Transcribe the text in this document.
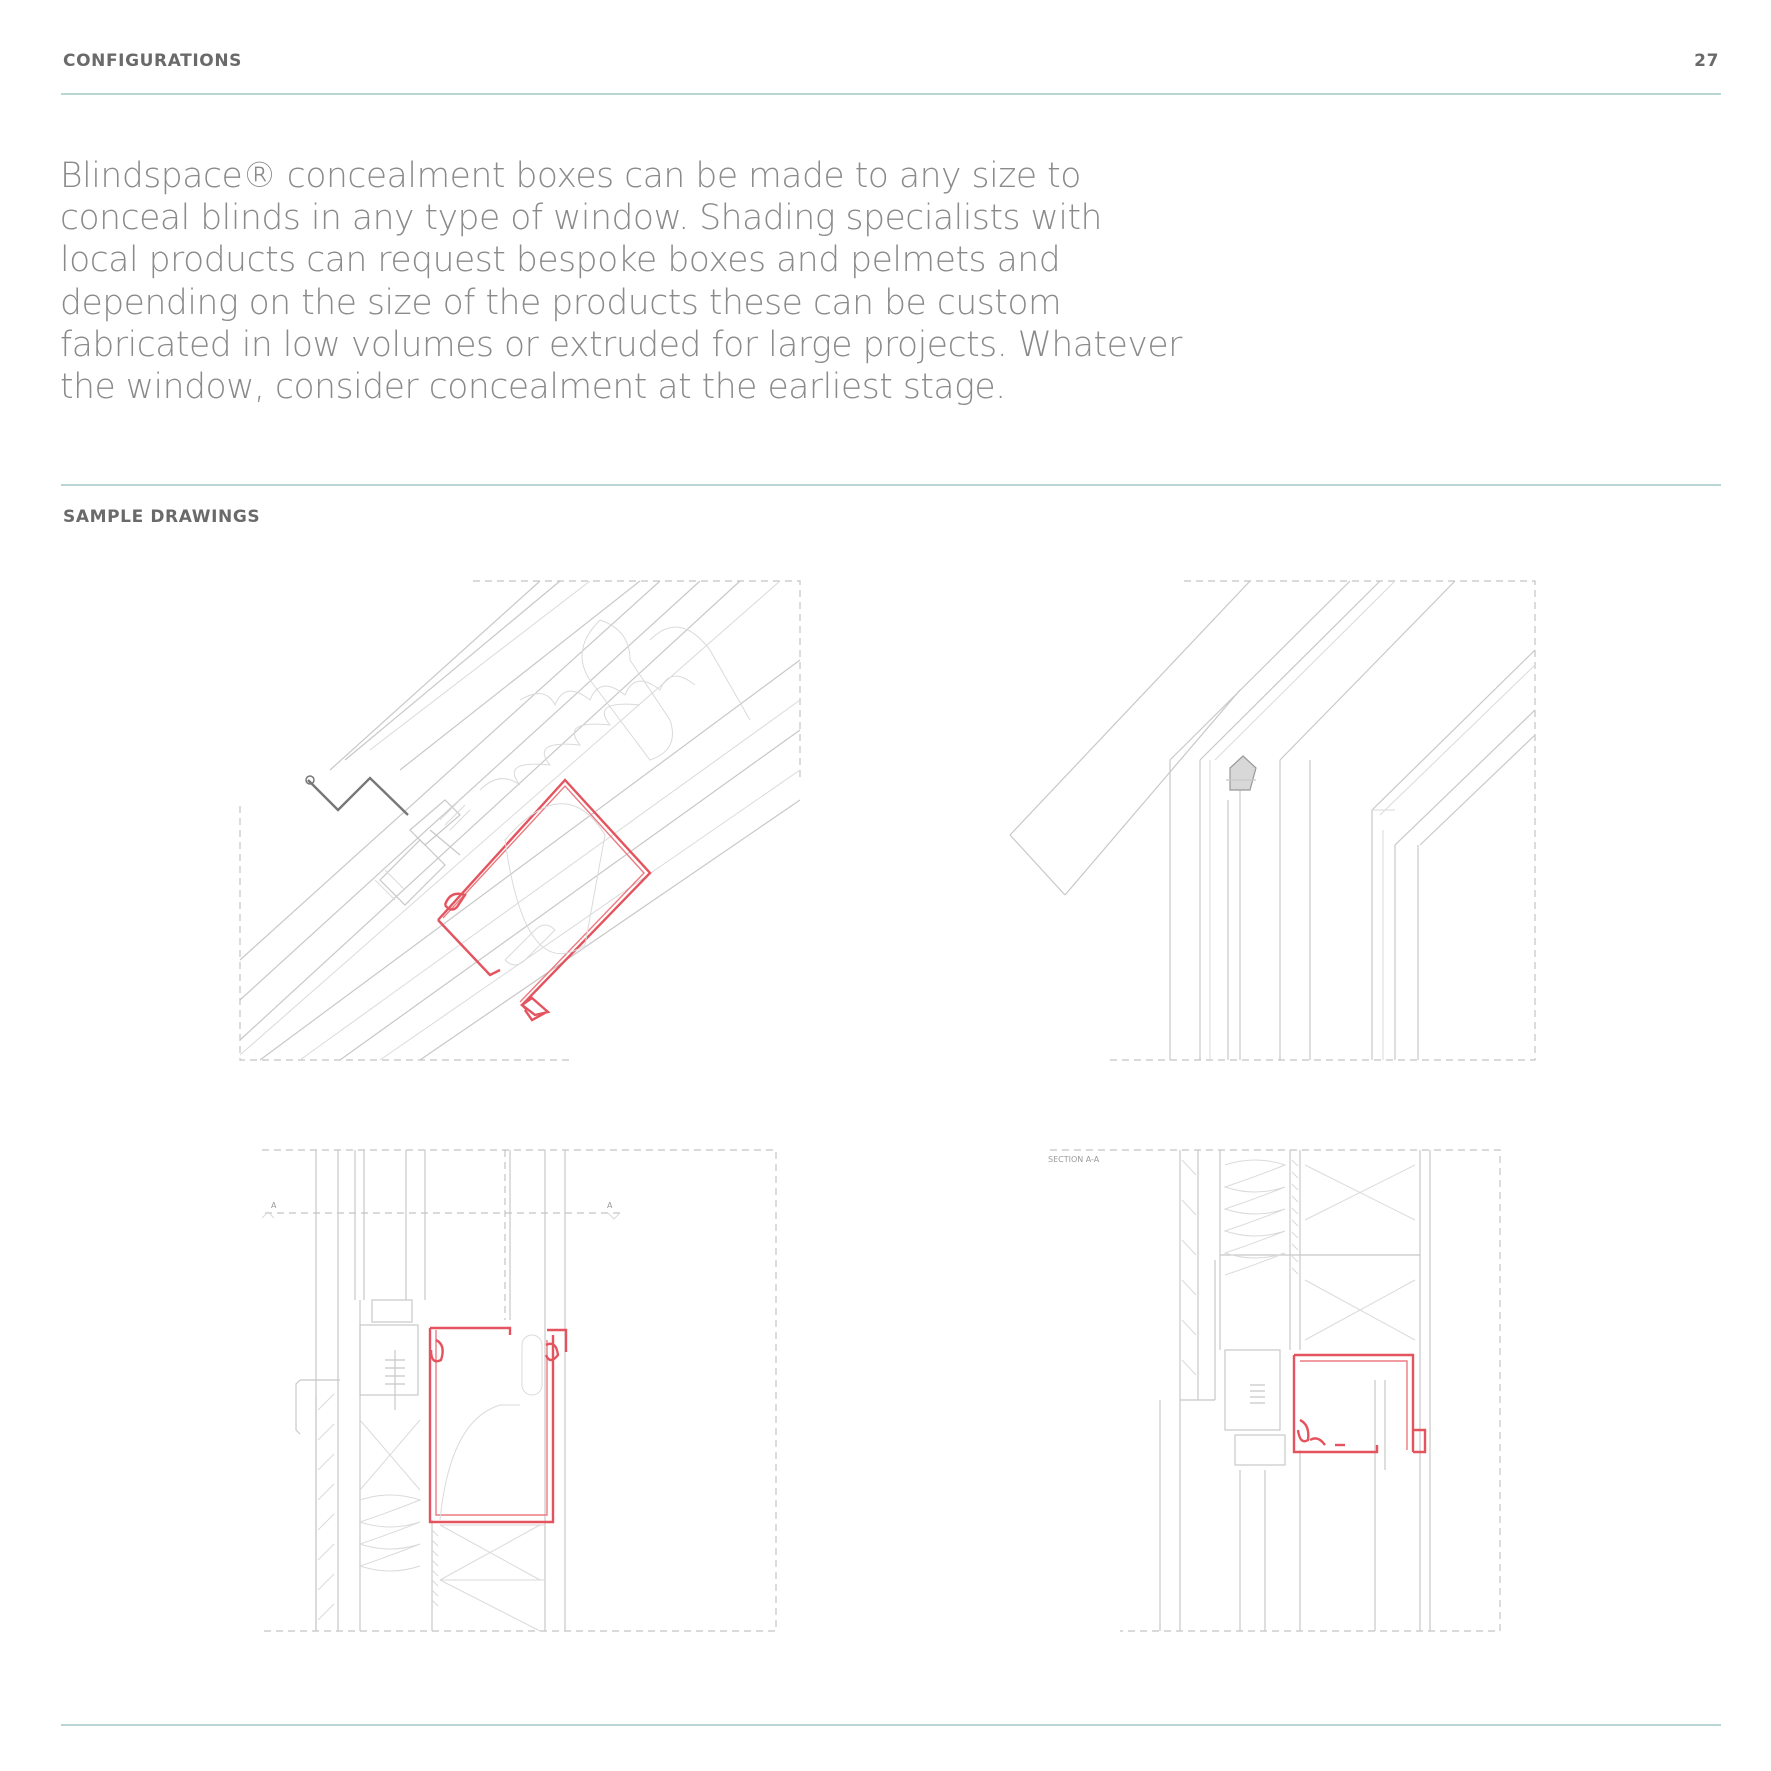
CONFIGURATIONS	27

Blindspace® concealment boxes can be made to any size to conceal blinds in any type of window. Shading specialists with local products can request bespoke boxes and pelmets and depending on the size of the products these can be custom fabricated in low volumes or extruded for large projects. Whatever the window, consider concealment at the earliest stage.

SAMPLE DRAWINGS
A	A
SECTION A-A
